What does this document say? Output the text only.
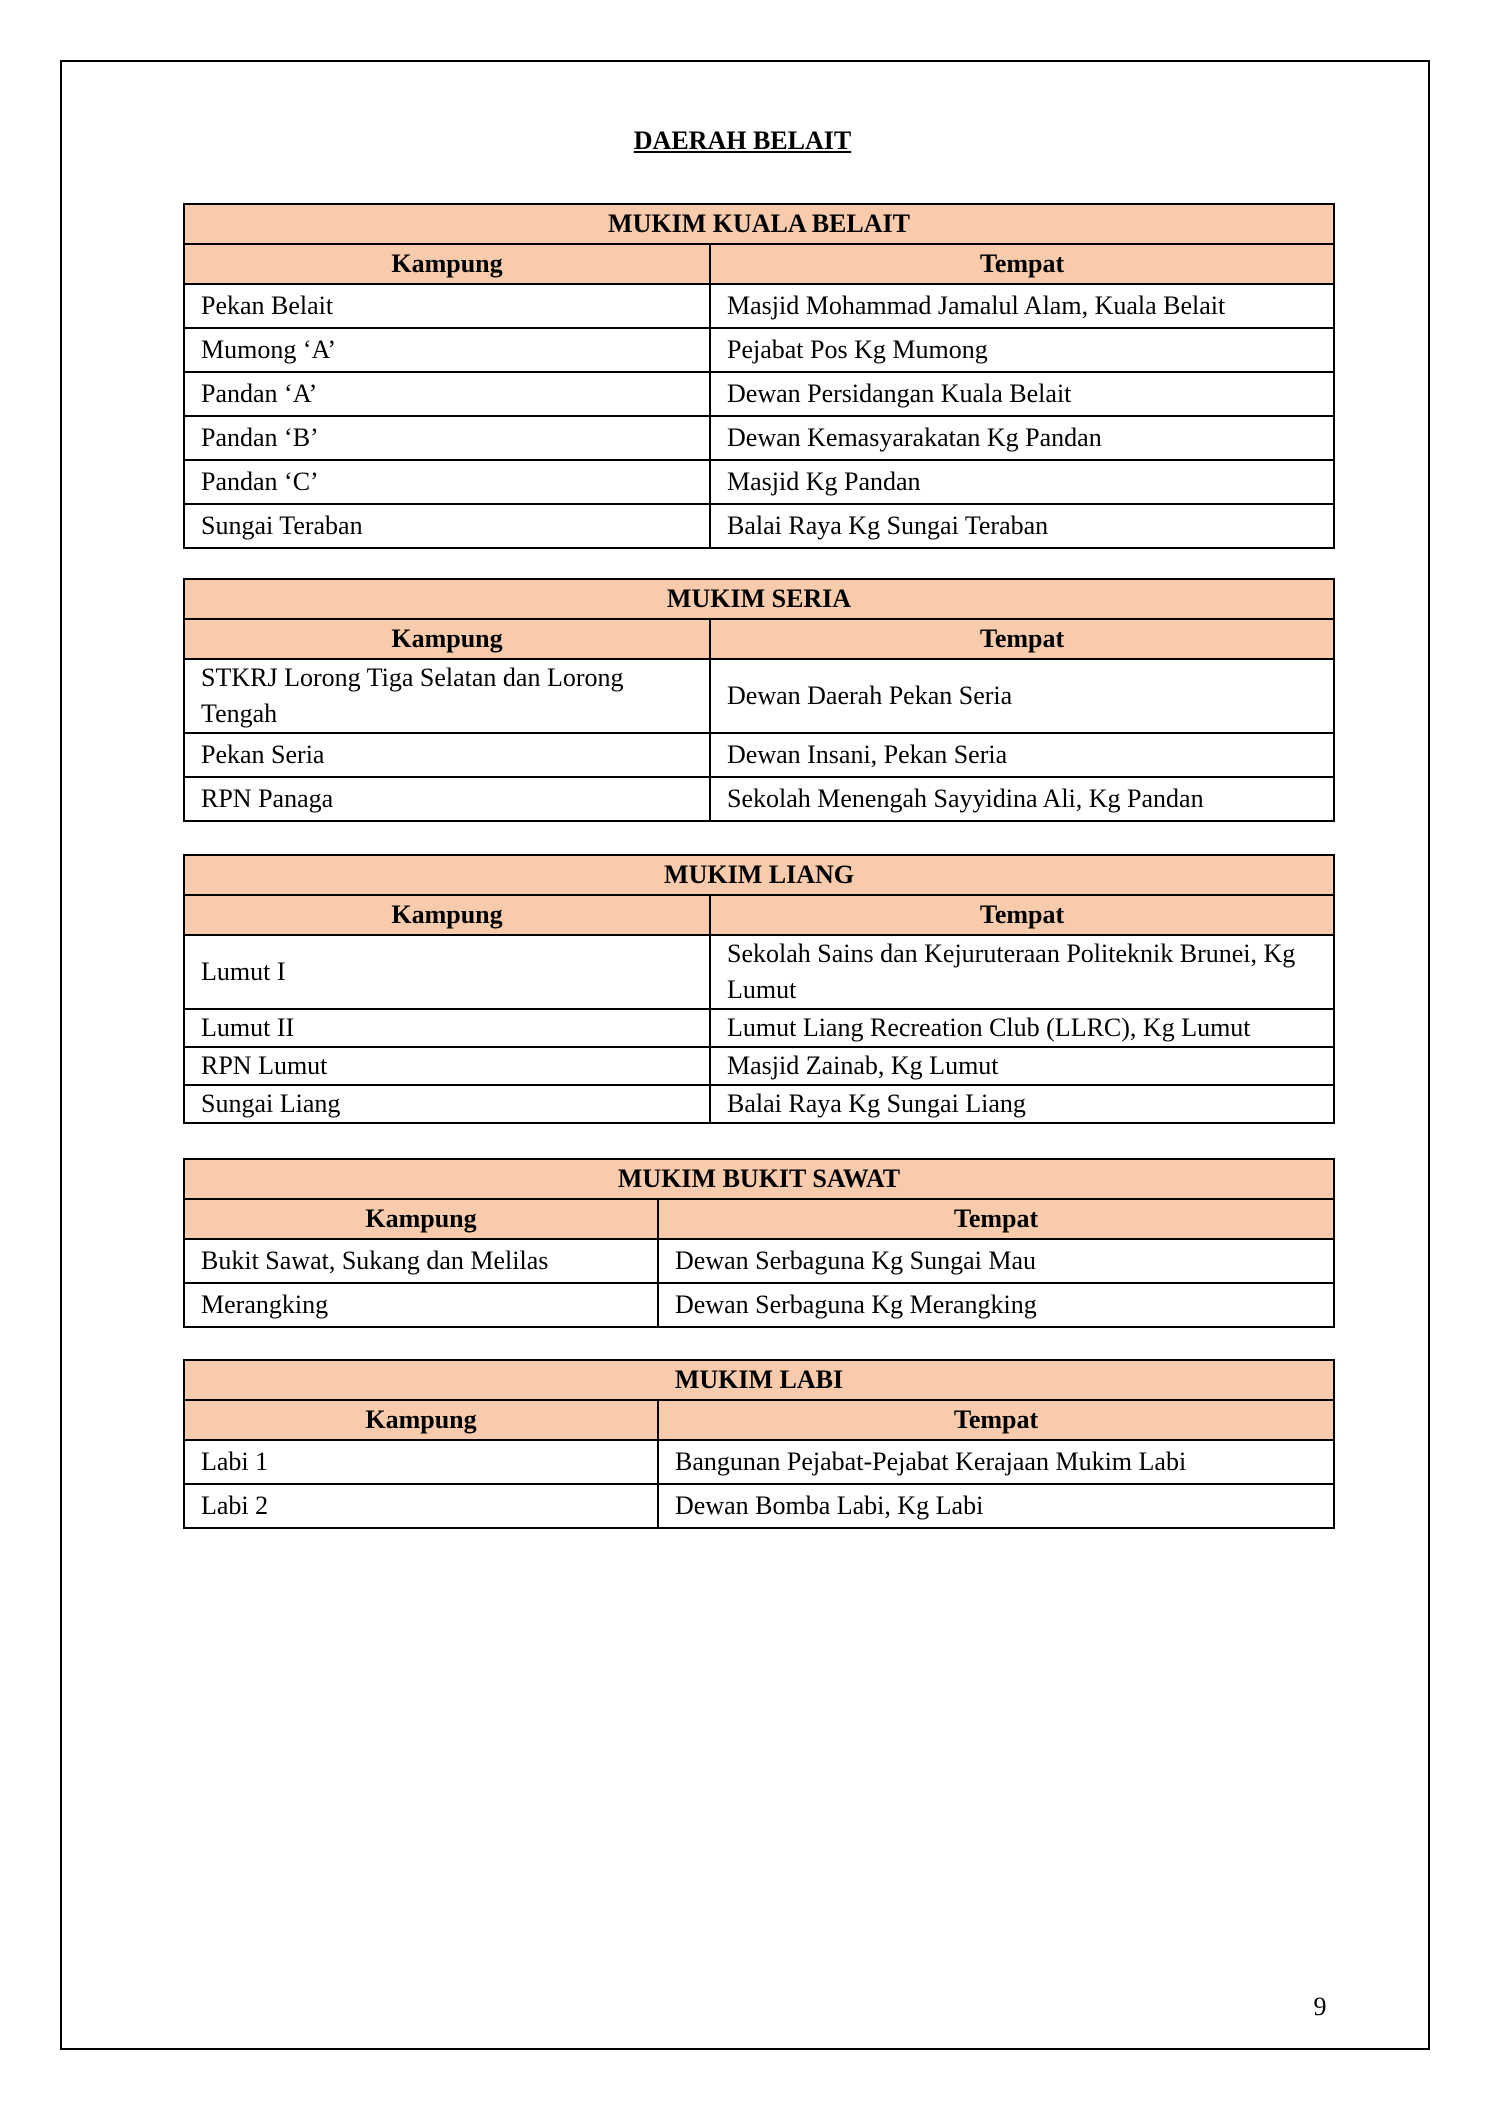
DAERAH BELAIT
MUKIM KUALA BELAIT	
Kampung	Tempat
Pekan Belait	Masjid Mohammad Jamalul Alam, Kuala Belait
Mumong ‘A’	Pejabat Pos Kg Mumong
Pandan ‘A’	Dewan Persidangan Kuala Belait
Pandan ‘B’	Dewan Kemasyarakatan Kg Pandan
Pandan ‘C’	Masjid Kg Pandan
Sungai Teraban	Balai Raya Kg Sungai Teraban
MUKIM SERIA	
Kampung	Tempat
STKRJ Lorong Tiga Selatan dan Lorong Tengah	Dewan Daerah Pekan Seria
Pekan Seria	Dewan Insani, Pekan Seria
RPN Panaga	Sekolah Menengah Sayyidina Ali, Kg Pandan
MUKIM LIANG	
Kampung	Tempat
Lumut I	Sekolah Sains dan Kejuruteraan Politeknik Brunei, Kg Lumut
Lumut II	Lumut Liang Recreation Club (LLRC), Kg Lumut
RPN Lumut	Masjid Zainab, Kg Lumut
Sungai Liang	Balai Raya Kg Sungai Liang
MUKIM BUKIT SAWAT	
Kampung	Tempat
Bukit Sawat, Sukang dan Melilas	Dewan Serbaguna Kg Sungai Mau
Merangking	Dewan Serbaguna Kg Merangking
MUKIM LABI	
Kampung	Tempat
Labi 1	Bangunan Pejabat-Pejabat Kerajaan Mukim Labi
Labi 2	Dewan Bomba Labi, Kg Labi
9
